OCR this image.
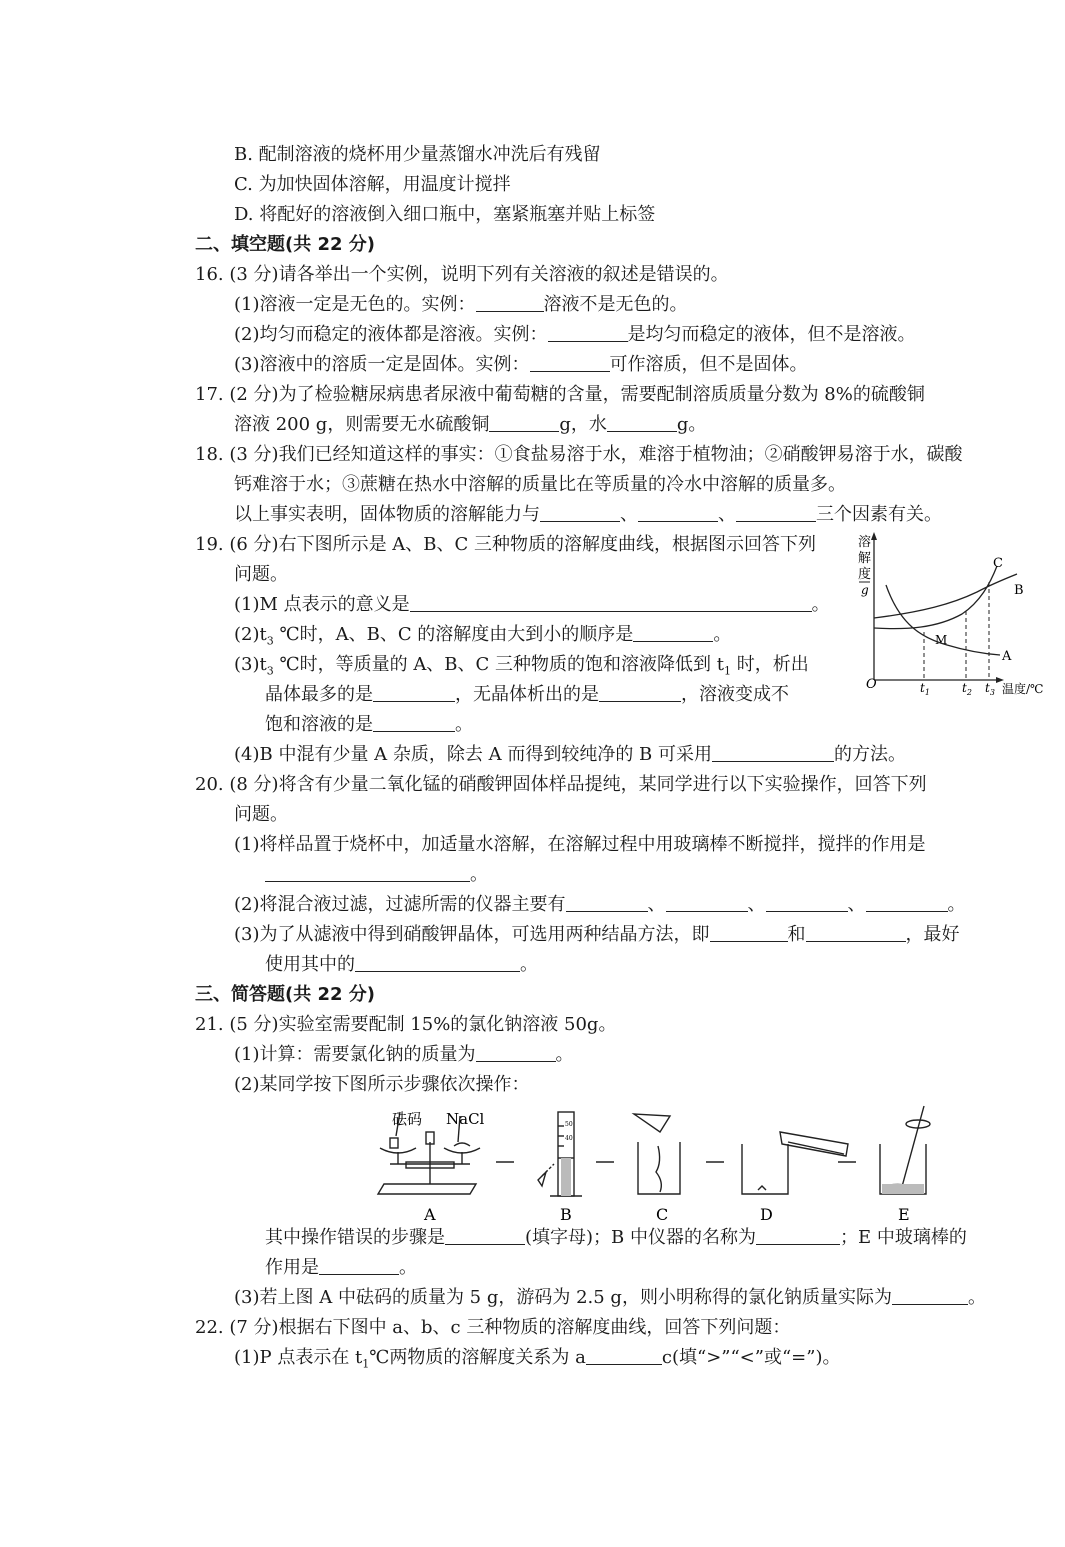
B. 配制溶液的烧杯用少量蒸馏水冲洗后有残留
C. 为加快固体溶解，用温度计搅拌
D. 将配好的溶液倒入细口瓶中，塞紧瓶塞并贴上标签
二、填空题(共 22 分)
16. (3 分)请各举出一个实例，说明下列有关溶液的叙述是错误的。
(1)溶液一定是无色的。实例：	溶液不是无色的。
(2)均匀而稳定的液体都是溶液。实例：	是均匀而稳定的液体，但不是溶液。
(3)溶液中的溶质一定是固体。实例：	可作溶质，但不是固体。
17. (2 分)为了检验糖尿病患者尿液中葡萄糖的含量，需要配制溶质质量分数为 8%的硫酸铜
溶液 200 g，则需要无水硫酸铜	g，水	g。
18. (3 分)我们已经知道这样的事实：①食盐易溶于水，难溶于植物油；②硝酸钾易溶于水，碳酸
钙难溶于水；③蔗糖在热水中溶解的质量比在等质量的冷水中溶解的质量多。
以上事实表明，固体物质的溶解能力与	、	、	三个因素有关。
19. (6 分)右下图所示是 A、B、C 三种物质的溶解度曲线，根据图示回答下列
问题。
(1)M 点表示的意义是	。
$(2)t_3$ ℃时，A、B、C 的溶解度由大到小的顺序是	。
$(3)t_3$ ℃时，等质量的 A、B、C 三种物质的饱和溶液降低到 $t_1$ 时，析出
晶体最多的是	，无晶体析出的是	，溶液变成不
饱和溶液的是	。
(4)B 中混有少量 A 杂质，除去 A 而得到较纯净的 B 可采用	的方法。
溶
解
度
g
O	温度/℃
A
B
C
M
$t_1$	$t_2$ $t_3$
20. (8 分)将含有少量二氧化锰的硝酸钾固体样品提纯，某同学进行以下实验操作，回答下列
问题。
(1)将样品置于烧杯中，加适量水溶解，在溶解过程中用玻璃棒不断搅拌，搅拌的作用是
。
(2)将混合液过滤，过滤所需的仪器主要有	、	、	、	。
(3)为了从滤液中得到硝酸钾晶体，可选用两种结晶方法，即	和	，最好
使用其中的	。
三、简答题(共 22 分)
21. (5 分)实验室需要配制 15%的氯化钠溶液 50g。
(1)计算：需要氯化钠的质量为	。
(2)某同学按下图所示步骤依次操作：
50
40
砝码 NaCl
A	B	C	D	E
其中操作错误的步骤是	(填字母)；B 中仪器的名称为	；E 中玻璃棒的
作用是	。
(3)若上图 A 中砝码的质量为 5 g，游码为 2.5 g，则小明称得的氯化钠质量实际为	。
22. (7 分)根据右下图中 a、b、c 三种物质的溶解度曲线，回答下列问题：
(1)P 点表示在 $t_1℃$两物质的溶解度关系为 a	c(填“>”“<”或“=”)。
